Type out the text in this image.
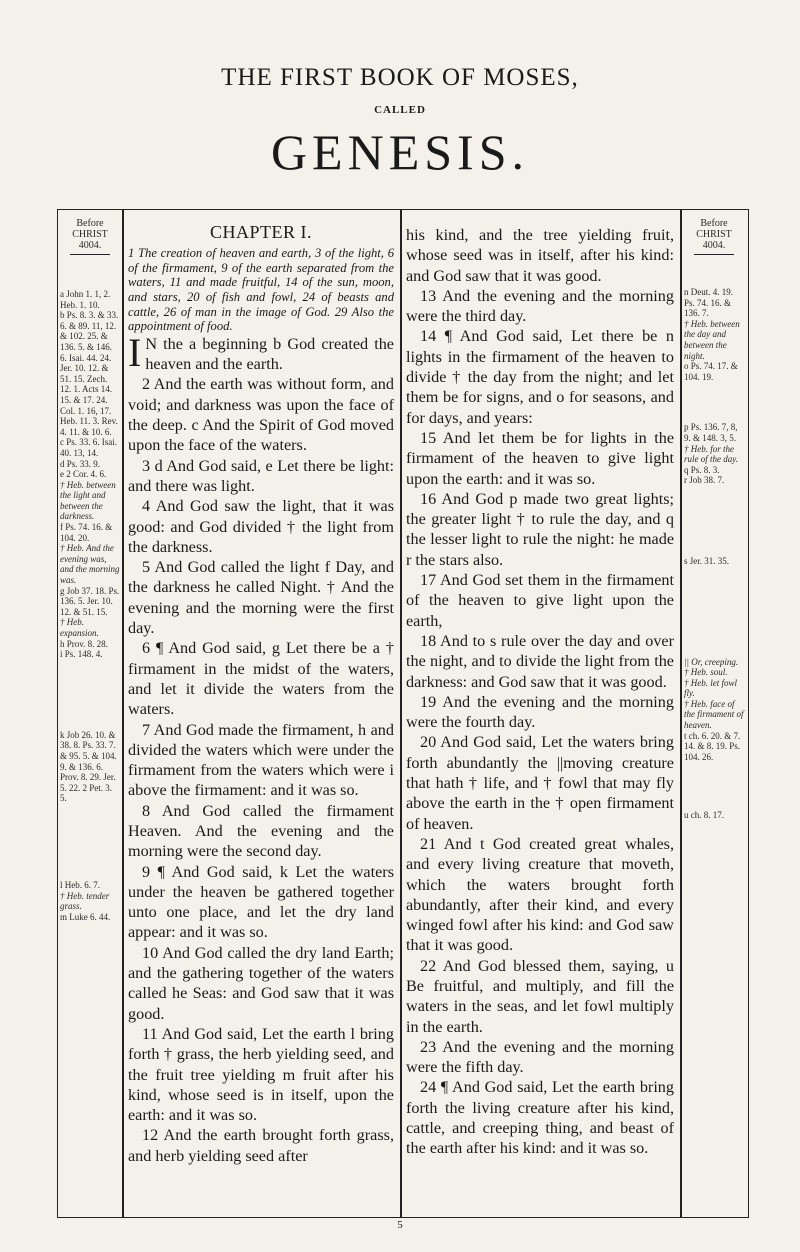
THE FIRST BOOK OF MOSES,
CALLED
GENESIS.
Before CHRIST 4004.

a John 1. 1, 2. Heb. 1. 10.

b Ps. 8. 3. & 33. 6. & 89. 11, 12. & 102. 25. & 136. 5. & 146. 6. Isai. 44. 24. Jer. 10. 12. & 51. 15. Zech. 12. 1. Acts 14. 15. & 17. 24. Col. 1. 16, 17. Heb. 11. 3. Rev. 4. 11. & 10. 6.

c Ps. 33. 6. Isai. 40. 13, 14.

d Ps. 33. 9.

e 2 Cor. 4. 6.

† Heb. between the light and between the darkness.

f Ps. 74. 16. & 104. 20.

† Heb. And the evening was, and the morning was.

g Job 37. 18. Ps. 136. 5. Jer. 10. 12. & 51. 15.

† Heb. expansion.

h Prov. 8. 28.

i Ps. 148. 4.

k Job 26. 10. & 38. 8. Ps. 33. 7. & 95. 5. & 104. 9. & 136. 6. Prov. 8. 29. Jer. 5. 22. 2 Pet. 3. 5.

l Heb. 6. 7.

† Heb. tender grass.

m Luke 6. 44.

Before CHRIST 4004.

n Deut. 4. 19. Ps. 74. 16. & 136. 7.

† Heb. between the day and between the night.

o Ps. 74. 17. & 104. 19.

p Ps. 136. 7, 8, 9. & 148. 3, 5.

† Heb. for the rule of the day.

q Ps. 8. 3.

r Job 38. 7.

s Jer. 31. 35.

|| Or, creeping.

† Heb. soul.

† Heb. let fowl fly.

† Heb. face of the firmament of heaven.

t ch. 6. 20. & 7. 14. & 8. 19. Ps. 104. 26.

u ch. 8. 17.

CHAPTER I.

1 The creation of heaven and earth, 3 of the light, 6 of the firmament, 9 of the earth separated from the waters, 11 and made fruitful, 14 of the sun, moon, and stars, 20 of fish and fowl, 24 of beasts and cattle, 26 of man in the image of God. 29 Also the appointment of food.

I N the a beginning b God created the heaven and the earth.

2 And the earth was without form, and void; and darkness was upon the face of the deep. c And the Spirit of God moved upon the face of the waters.

3 d And God said, e Let there be light: and there was light.

4 And God saw the light, that it was good: and God divided † the light from the darkness.

5 And God called the light f Day, and the darkness he called Night. † And the evening and the morning were the first day.

6 ¶ And God said, g Let there be a † firmament in the midst of the waters, and let it divide the waters from the waters.

7 And God made the firmament, h and divided the waters which were under the firmament from the waters which were i above the firmament: and it was so.

8 And God called the firmament Heaven. And the evening and the morning were the second day.

9 ¶ And God said, k Let the waters under the heaven be gathered together unto one place, and let the dry land appear: and it was so.

10 And God called the dry land Earth; and the gathering together of the waters called he Seas: and God saw that it was good.

11 And God said, Let the earth l bring forth † grass, the herb yielding seed, and the fruit tree yielding m fruit after his kind, whose seed is in itself, upon the earth: and it was so.

12 And the earth brought forth grass, and herb yielding seed after

his kind, and the tree yielding fruit, whose seed was in itself, after his kind: and God saw that it was good.

13 And the evening and the morning were the third day.

14 ¶ And God said, Let there be n lights in the firmament of the heaven to divide † the day from the night; and let them be for signs, and o for seasons, and for days, and years:

15 And let them be for lights in the firmament of the heaven to give light upon the earth: and it was so.

16 And God p made two great lights; the greater light † to rule the day, and q the lesser light to rule the night: he made r the stars also.

17 And God set them in the firmament of the heaven to give light upon the earth,

18 And to s rule over the day and over the night, and to divide the light from the darkness: and God saw that it was good.

19 And the evening and the morning were the fourth day.

20 And God said, Let the waters bring forth abundantly the ||moving creature that hath † life, and † fowl that may fly above the earth in the † open firmament of heaven.

21 And t God created great whales, and every living creature that moveth, which the waters brought forth abundantly, after their kind, and every winged fowl after his kind: and God saw that it was good.

22 And God blessed them, saying, u Be fruitful, and multiply, and fill the waters in the seas, and let fowl multiply in the earth.

23 And the evening and the morning were the fifth day.

24 ¶ And God said, Let the earth bring forth the living creature after his kind, cattle, and creeping thing, and beast of the earth after his kind: and it was so.

5
